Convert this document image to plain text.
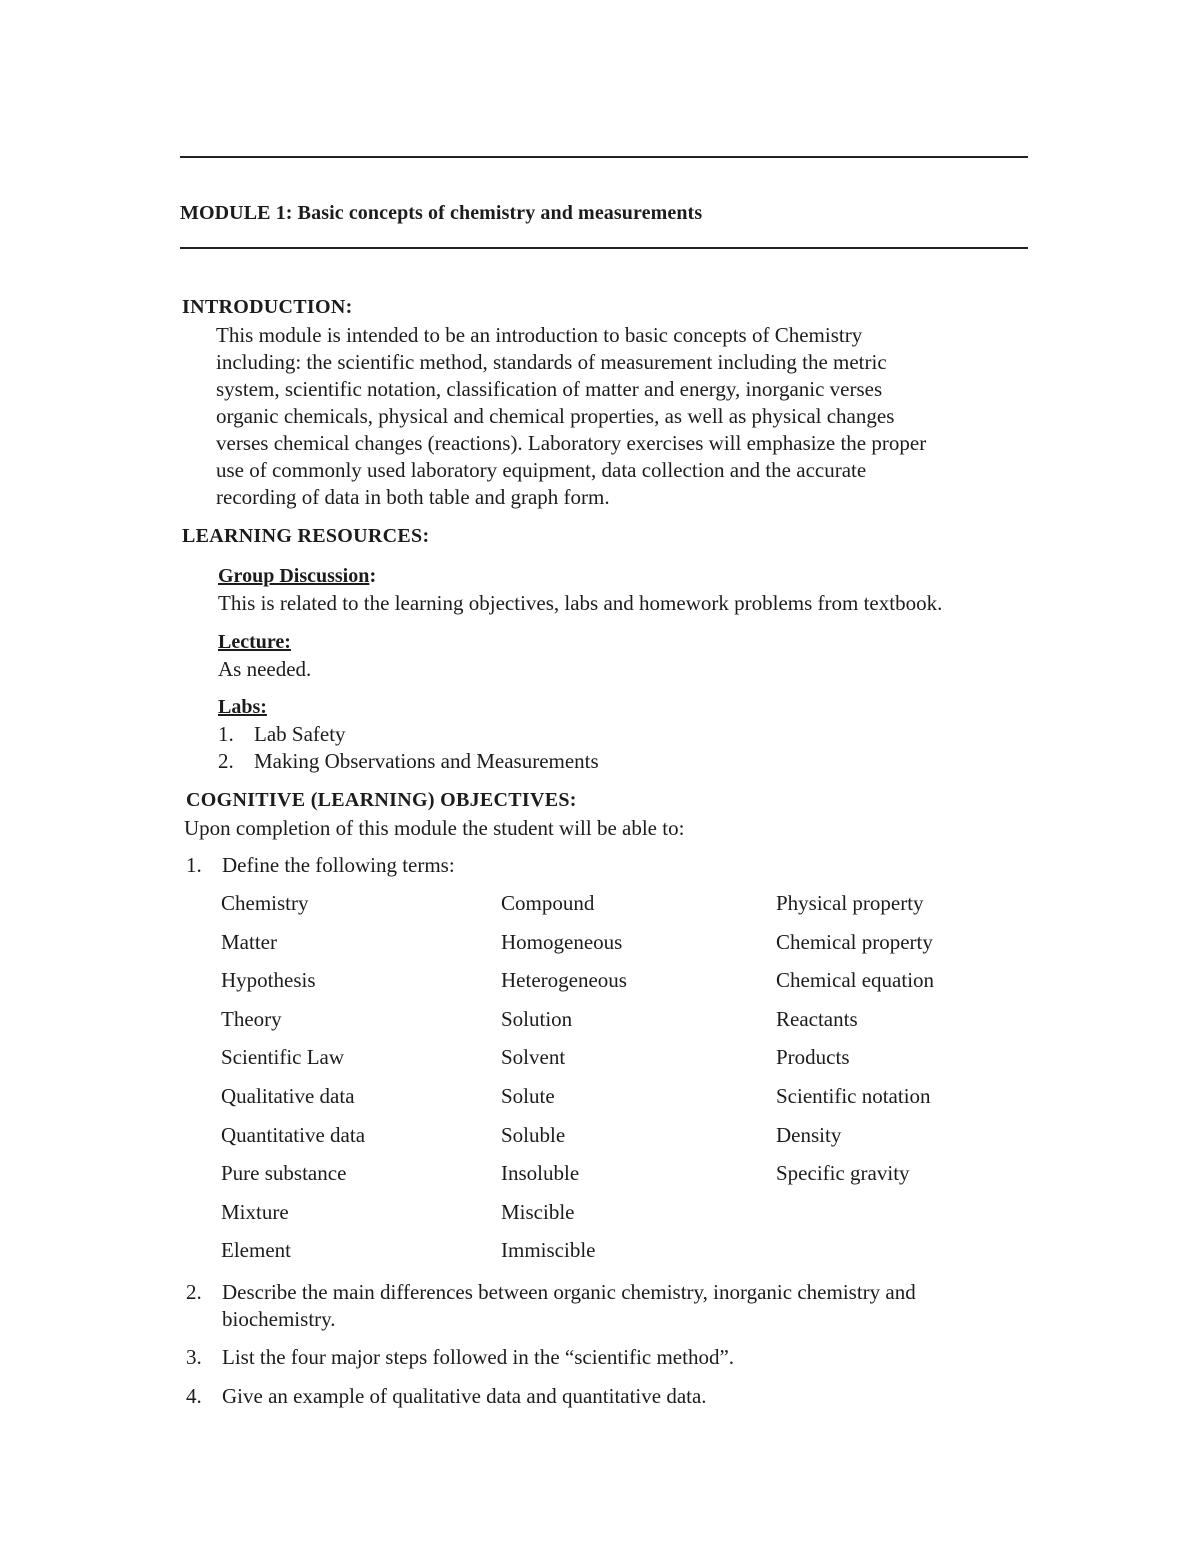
MODULE 1: Basic concepts of chemistry and measurements
INTRODUCTION:
This module is intended to be an introduction to basic concepts of Chemistry
including: the scientific method, standards of measurement including the metric
system, scientific notation, classification of matter and energy, inorganic verses
organic chemicals, physical and chemical properties, as well as physical changes
verses chemical changes (reactions). Laboratory exercises will emphasize the proper
use of commonly used laboratory equipment, data collection and the accurate
recording of data in both table and graph form.
LEARNING RESOURCES:
Group Discussion:
This is related to the learning objectives, labs and homework problems from textbook.
Lecture:
As needed.
Labs:
1. Lab Safety
2. Making Observations and Measurements
COGNITIVE (LEARNING) OBJECTIVES:
Upon completion of this module the student will be able to:
1. Define the following terms:
Chemistry
Matter
Hypothesis
Theory
Scientific Law
Qualitative data
Quantitative data
Pure substance
Mixture
Element
Compound
Homogeneous
Heterogeneous
Solution
Solvent
Solute
Soluble
Insoluble
Miscible
Immiscible
Physical property
Chemical property
Chemical equation
Reactants
Products
Scientific notation
Density
Specific gravity
2. Describe the main differences between organic chemistry, inorganic chemistry and
biochemistry.
3. List the four major steps followed in the “scientific method”.
4. Give an example of qualitative data and quantitative data.
